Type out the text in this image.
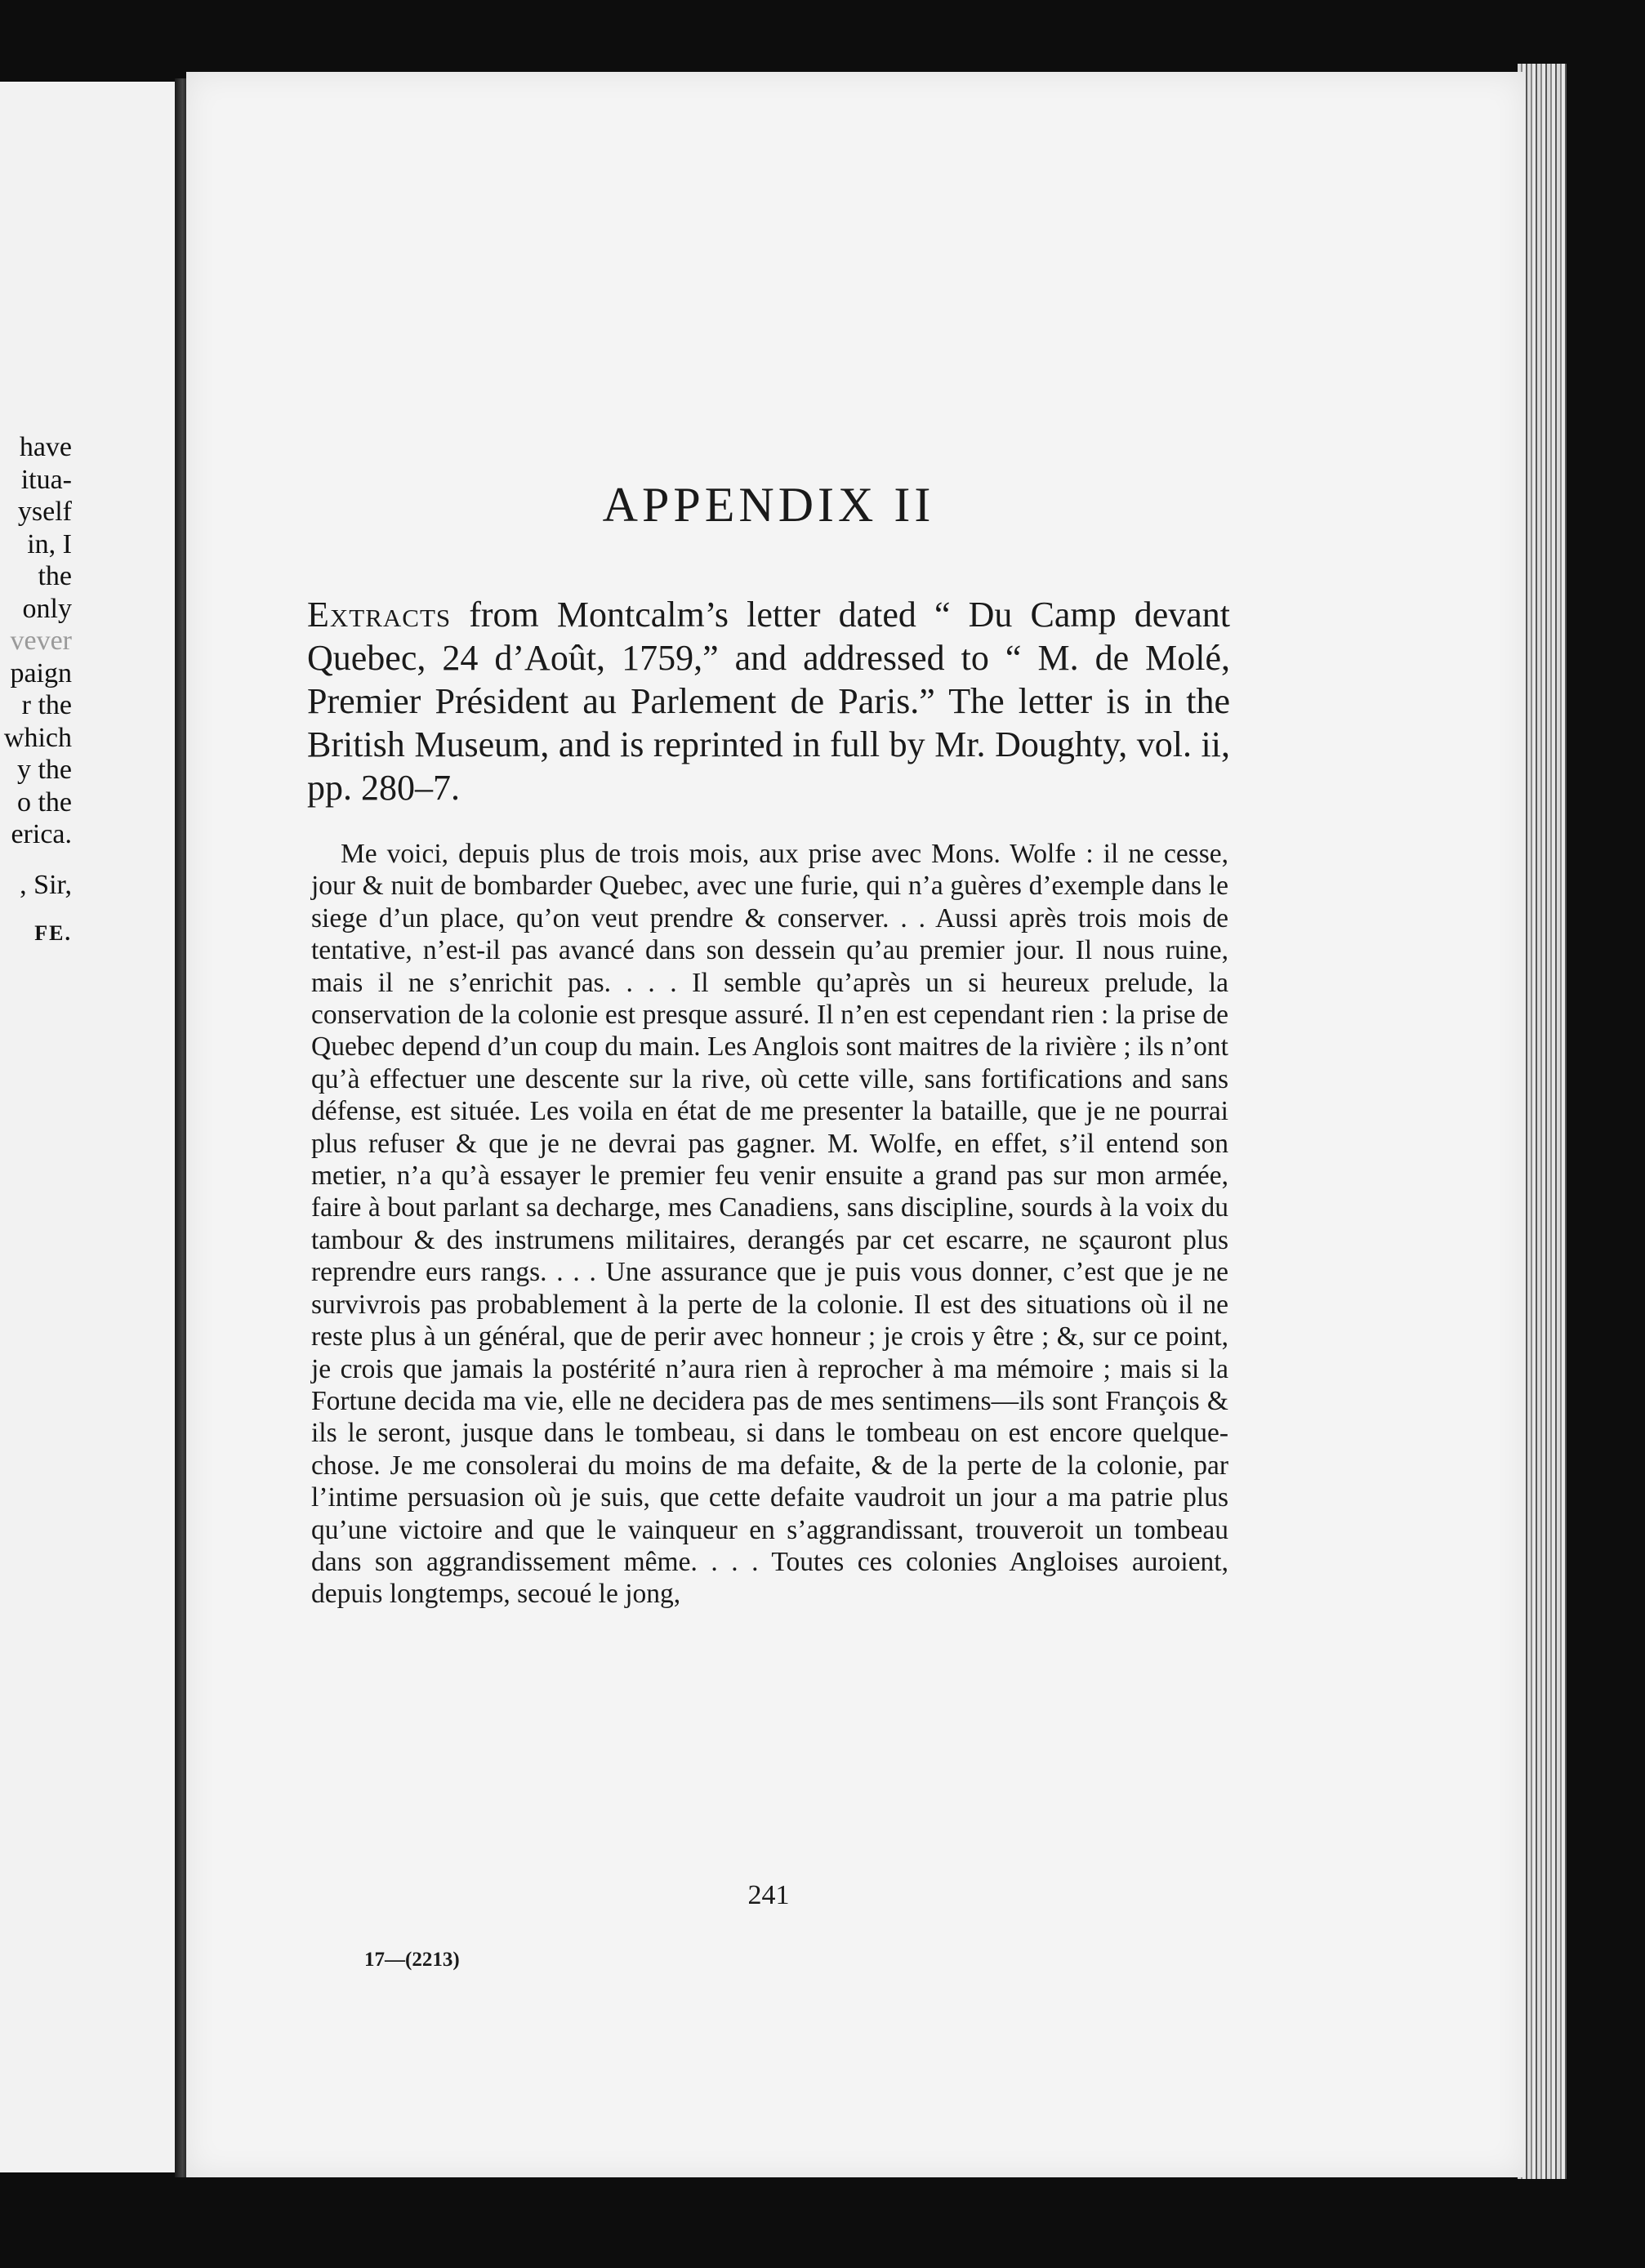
have
itua-
yself
in, I
the
only
vever
paign
r the
which
y the
o the
erica.
, Sir,
FE.
APPENDIX II

Extracts from Montcalm’s letter dated “ Du Camp devant Quebec, 24 d’Août, 1759,” and addressed to “ M. de Molé, Premier Président au Parlement de Paris.” The letter is in the British Museum, and is reprinted in full by Mr. Doughty, vol. ii, pp. 280–7.

Me voici, depuis plus de trois mois, aux prise avec Mons. Wolfe : il ne cesse, jour & nuit de bombarder Quebec, avec une furie, qui n’a guères d’exemple dans le siege d’un place, qu’on veut prendre & conserver. . . Aussi après trois mois de tentative, n’est-il pas avancé dans son dessein qu’au premier jour. Il nous ruine, mais il ne s’enrichit pas. . . . Il semble qu’après un si heureux prelude, la conservation de la colonie est presque assuré. Il n’en est cependant rien : la prise de Quebec depend d’un coup du main. Les Anglois sont maitres de la rivière ; ils n’ont qu’à effectuer une descente sur la rive, où cette ville, sans fortifications and sans défense, est située. Les voila en état de me presenter la bataille, que je ne pourrai plus refuser & que je ne devrai pas gagner. M. Wolfe, en effet, s’il entend son metier, n’a qu’à essayer le premier feu venir ensuite a grand pas sur mon armée, faire à bout parlant sa decharge, mes Canadiens, sans discipline, sourds à la voix du tambour & des instrumens militaires, derangés par cet escarre, ne sçauront plus reprendre eurs rangs. . . . Une assurance que je puis vous donner, c’est que je ne survivrois pas probablement à la perte de la colonie. Il est des situations où il ne reste plus à un général, que de perir avec honneur ; je crois y être ; &, sur ce point, je crois que jamais la postérité n’aura rien à reprocher à ma mémoire ; mais si la Fortune decida ma vie, elle ne decidera pas de mes sentimens—ils sont François & ils le seront, jusque dans le tombeau, si dans le tombeau on est encore quelque-chose. Je me consolerai du moins de ma defaite, & de la perte de la colonie, par l’intime persuasion où je suis, que cette defaite vaudroit un jour a ma patrie plus qu’une victoire and que le vainqueur en s’aggrandissant, trouveroit un tombeau dans son aggrandissement même. . . . Toutes ces colonies Angloises auroient, depuis longtemps, secoué le jong,

241
17—(2213)
